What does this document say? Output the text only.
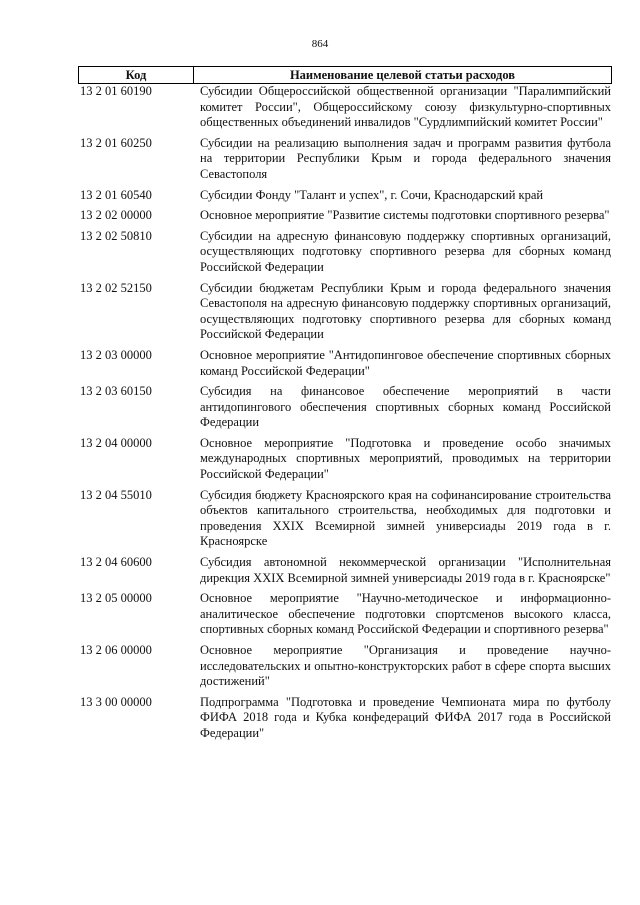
864
Код	Наименование целевой статьи расходов
13 2 01 60190	Субсидии Общероссийской общественной организации "Паралимпийский комитет России", Общероссийскому союзу физкультурно-спортивных общественных объединений инвалидов "Сурдлимпийский комитет России"
13 2 01 60250	Субсидии на реализацию выполнения задач и программ развития футбола на территории Республики Крым и города федерального значения Севастополя
13 2 01 60540	Субсидии Фонду "Талант и успех", г. Сочи, Краснодарский край
13 2 02 00000	Основное мероприятие "Развитие системы подготовки спортивного резерва"
13 2 02 50810	Субсидии на адресную финансовую поддержку спортивных организаций, осуществляющих подготовку спортивного резерва для сборных команд Российской Федерации
13 2 02 52150	Субсидии бюджетам Республики Крым и города федерального значения Севастополя на адресную финансовую поддержку спортивных организаций, осуществляющих подготовку спортивного резерва для сборных команд Российской Федерации
13 2 03 00000	Основное мероприятие "Антидопинговое обеспечение спортивных сборных команд Российской Федерации"
13 2 03 60150	Субсидия на финансовое обеспечение мероприятий в части антидопингового обеспечения спортивных сборных команд Российской Федерации
13 2 04 00000	Основное мероприятие "Подготовка и проведение особо значимых международных спортивных мероприятий, проводимых на территории Российской Федерации"
13 2 04 55010	Субсидия бюджету Красноярского края на софинансирование строительства объектов капитального строительства, необходимых для подготовки и проведения XXIX Всемирной зимней универсиады 2019 года в г. Красноярске
13 2 04 60600	Субсидия автономной некоммерческой организации "Исполнительная дирекция XXIX Всемирной зимней универсиады 2019 года в г. Красноярске"
13 2 05 00000	Основное мероприятие "Научно-методическое и информационно-аналитическое обеспечение подготовки спортсменов высокого класса, спортивных сборных команд Российской Федерации и спортивного резерва"
13 2 06 00000	Основное мероприятие "Организация и проведение научно-исследовательских и опытно-конструкторских работ в сфере спорта высших достижений"
13 3 00 00000	Подпрограмма "Подготовка и проведение Чемпионата мира по футболу ФИФА 2018 года и Кубка конфедераций ФИФА 2017 года в Российской Федерации"
